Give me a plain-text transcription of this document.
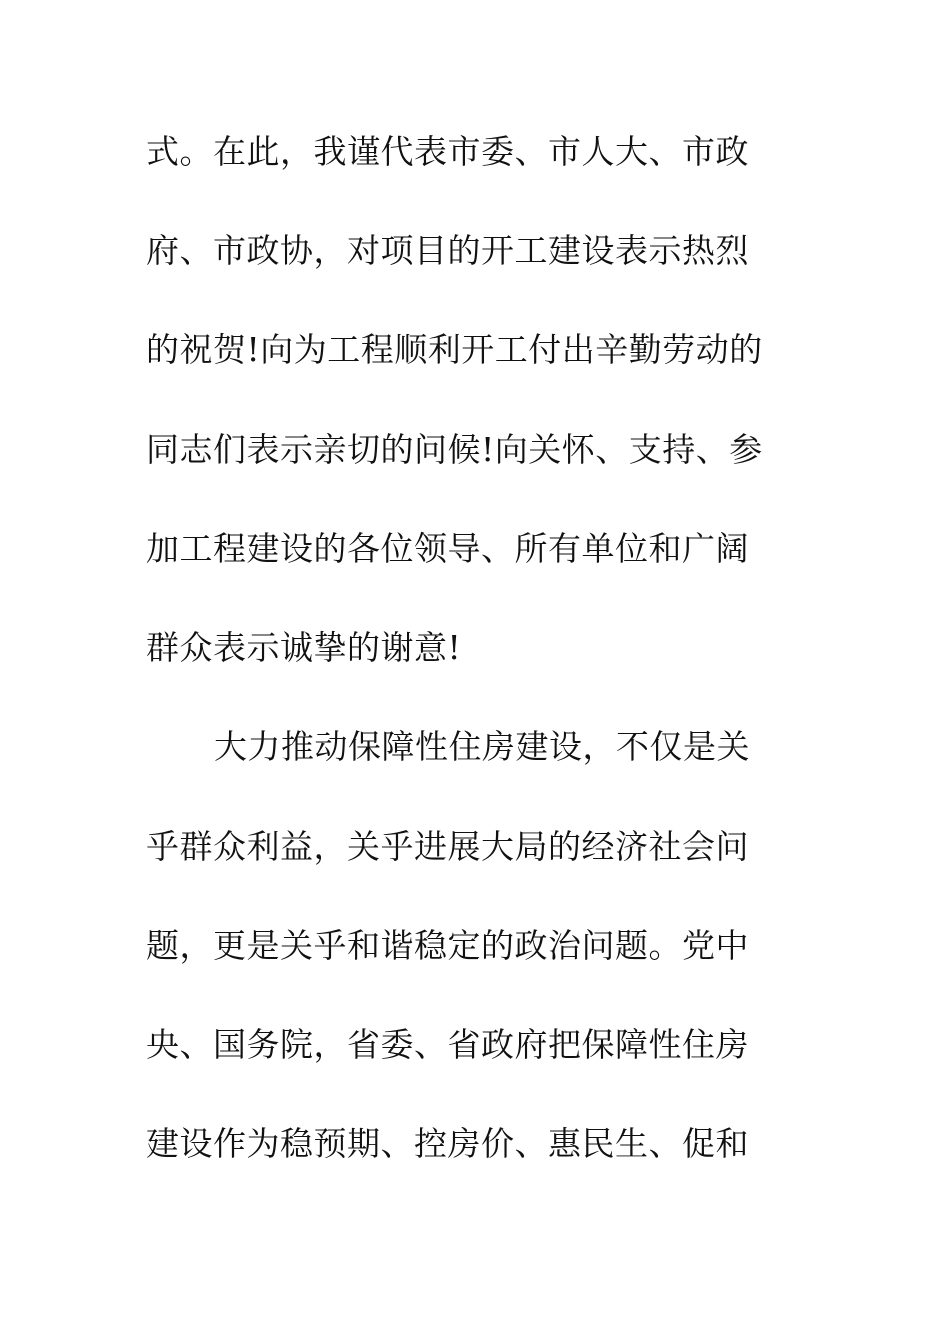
式。在此，我谨代表市委、市人大、市政

府、市政协，对项目的开工建设表示热烈

的祝贺!向为工程顺利开工付出辛勤劳动的

同志们表示亲切的问候!向关怀、支持、参

加工程建设的各位领导、所有单位和广阔

群众表示诚挚的谢意!

大力推动保障性住房建设，不仅是关

乎群众利益，关乎进展大局的经济社会问

题，更是关乎和谐稳定的政治问题。党中

央、国务院，省委、省政府把保障性住房

建设作为稳预期、控房价、惠民生、促和
